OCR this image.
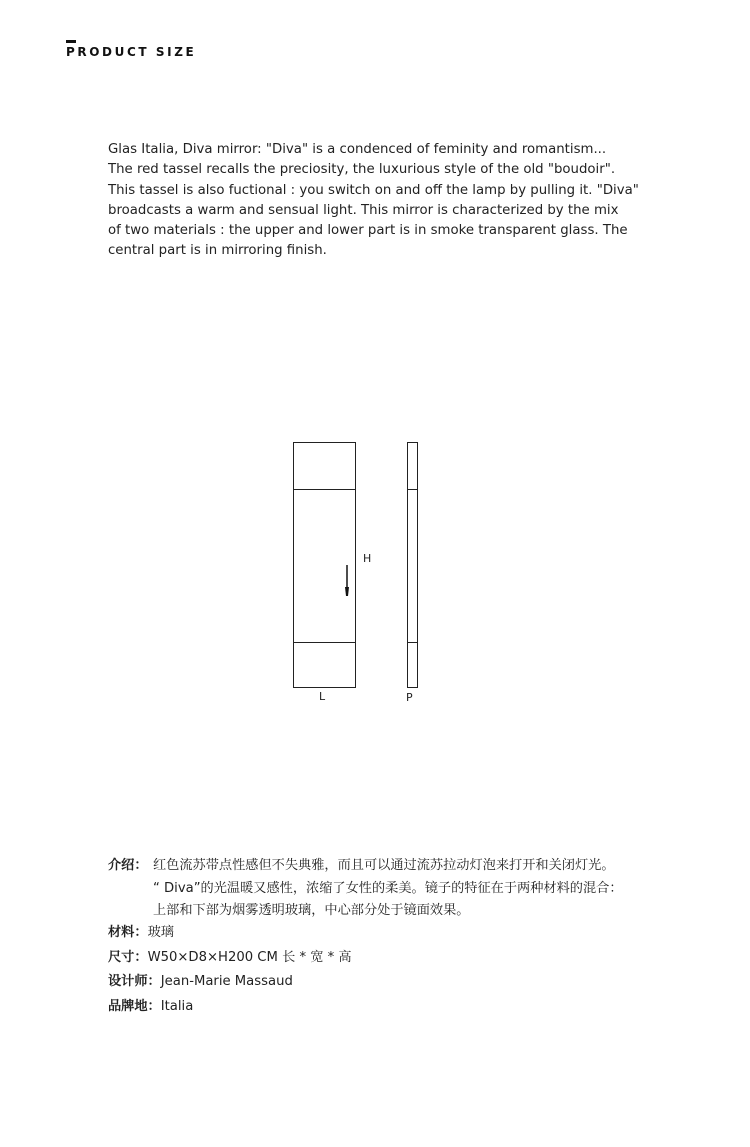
PRODUCT SIZE

Glas Italia, Diva mirror: "Diva" is a condenced of feminity and romantism...
The red tassel recalls the preciosity, the luxurious style of the old "boudoir".
This tassel is also fuctional : you switch on and off the lamp by pulling it. "Diva"
broadcasts a warm and sensual light. This mirror is characterized by the mix
of two materials : the upper and lower part is in smoke transparent glass. The
central part is in mirroring finish.

H
L	P
介绍： 红色流苏带点性感但不失典雅，而且可以通过流苏拉动灯泡来打开和关闭灯光。
“ Diva”的光温暖又感性，浓缩了女性的柔美。镜子的特征在于两种材料的混合：
上部和下部为烟雾透明玻璃，中心部分处于镜面效果。
材料：玻璃
尺寸：W50×D8×H200 CM 长 * 宽 * 高
设计师：Jean-Marie Massaud
品牌地：Italia
